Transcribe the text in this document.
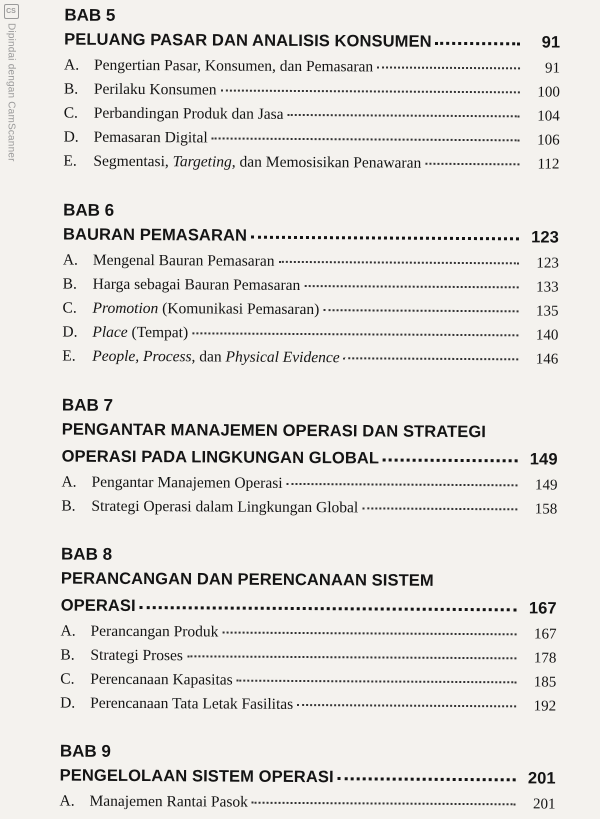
CS
Dipindai dengan CamScanner
BAB 5
PELUANG PASAR DAN ANALISIS KONSUMEN	91
A. Pengertian Pasar, Konsumen, dan Pemasaran	91
B.	Perilaku Konsumen	100
C.	Perbandingan Produk dan Jasa	104
D. Pemasaran Digital	106
E.	Segmentasi, Targeting, dan Memosisikan Penawaran	112
BAB 6
BAURAN PEMASARAN	123
A. Mengenal Bauran Pemasaran	123
B.	Harga sebagai Bauran Pemasaran	133
C.	Promotion (Komunikasi Pemasaran)	135
D. Place (Tempat)	140
E.	People, Process, dan Physical Evidence	146
BAB 7
PENGANTAR MANAJEMEN OPERASI DAN STRATEGI
OPERASI PADA LINGKUNGAN GLOBAL	149
A. Pengantar Manajemen Operasi	149
B.	Strategi Operasi dalam Lingkungan Global	158
BAB 8
PERANCANGAN DAN PERENCANAAN SISTEM
OPERASI	167
A. Perancangan Produk	167
B.	Strategi Proses	178
C.	Perencanaan Kapasitas	185
D. Perencanaan Tata Letak Fasilitas	192
BAB 9
PENGELOLAAN SISTEM OPERASI	201
A. Manajemen Rantai Pasok	201
